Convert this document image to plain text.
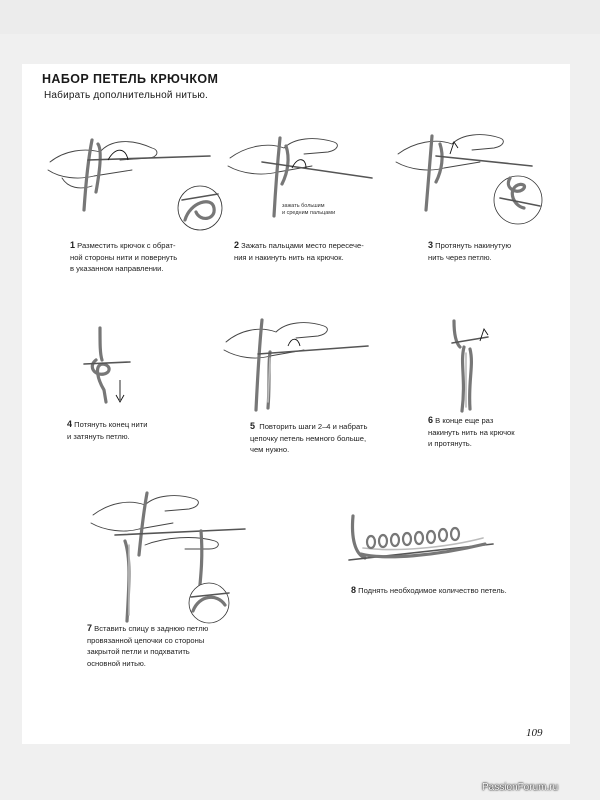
НАБОР ПЕТЕЛЬ КРЮЧКОМ
Набирать дополнительной нитью.
зажать большим
и средним пальцами
1 Разместить крючок с обрат-
ной стороны нити и повернуть
в указанном направлении.
2 Зажать пальцами место пересече-
ния и накинуть нить на крючок.
3 Протянуть накинутую
нить через петлю.
4 Потянуть конец нити
и затянуть петлю.
5 Повторить шаги 2–4 и набрать
цепочку петель немного больше,
чем нужно.
6 В конце еще раз
накинуть нить на крючок
и протянуть.
7 Вставить спицу в заднюю петлю
провязанной цепочки со стороны
закрытой петли и подхватить
основной нитью.
8 Поднять необходимое количество петель.
109
PassionForum.ru
